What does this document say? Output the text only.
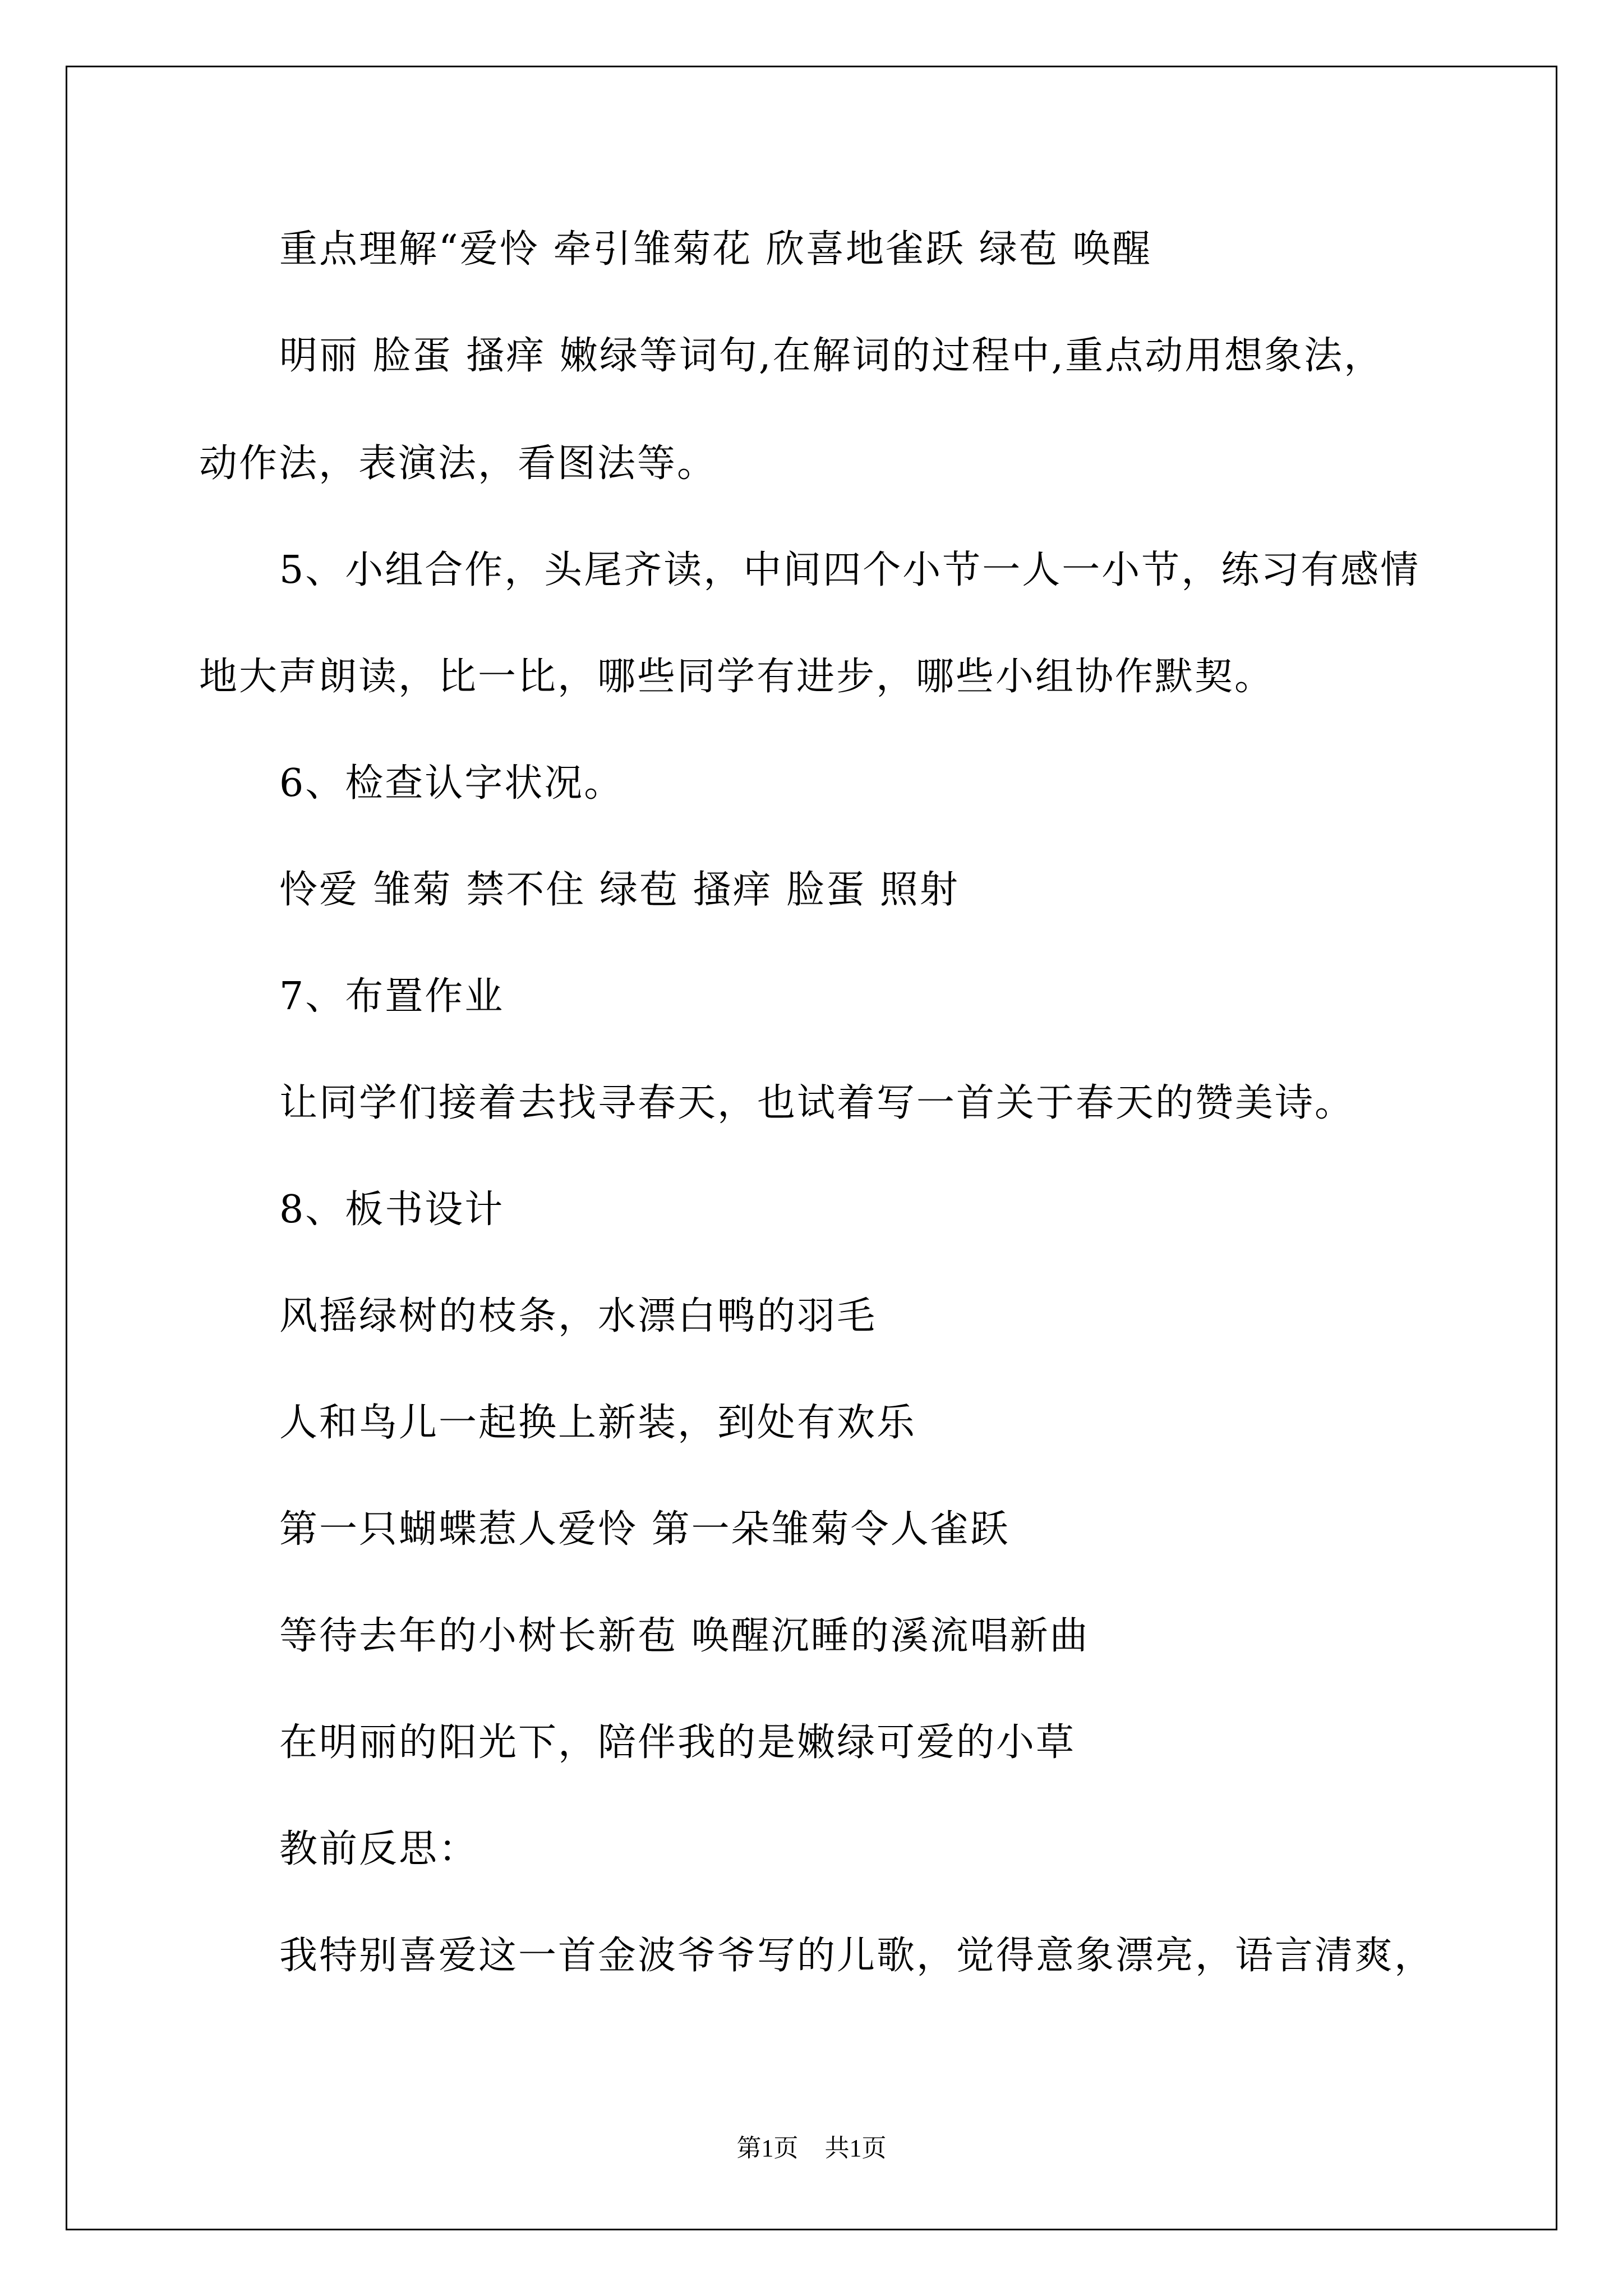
重点理解“爱怜 牵引雏菊花 欣喜地雀跃 绿苞 唤醒
明丽 脸蛋 搔痒 嫩绿等词句,在解词的过程中,重点动用想象法，
动作法，表演法，看图法等。
5、小组合作，头尾齐读，中间四个小节一人一小节，练习有感情
地大声朗读，比一比，哪些同学有进步，哪些小组协作默契。
6、检查认字状况。
怜爱 雏菊 禁不住 绿苞 搔痒 脸蛋 照射
7、布置作业
让同学们接着去找寻春天，也试着写一首关于春天的赞美诗。
8、板书设计
风摇绿树的枝条，水漂白鸭的羽毛
人和鸟儿一起换上新装，到处有欢乐
第一只蝴蝶惹人爱怜 第一朵雏菊令人雀跃
等待去年的小树长新苞 唤醒沉睡的溪流唱新曲
在明丽的阳光下，陪伴我的是嫩绿可爱的小草
教前反思：
我特别喜爱这一首金波爷爷写的儿歌，觉得意象漂亮，语言清爽，
第1页 共1页
